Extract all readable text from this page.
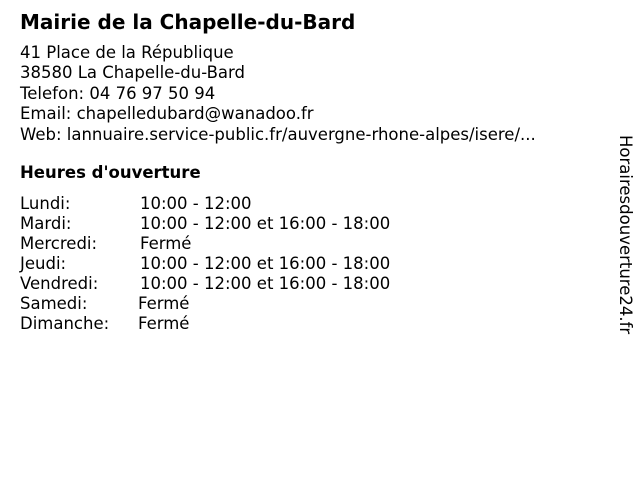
Mairie de la Chapelle-du-Bard
41 Place de la République
38580 La Chapelle-du-Bard
Telefon: 04 76 97 50 94
Email: chapelledubard@wanadoo.fr
Web: lannuaire.service-public.fr/auvergne-rhone-alpes/isere/...
Heures d'ouverture
Lundi:	10:00 - 12:00
Mardi:	10:00 - 12:00 et 16:00 - 18:00
Mercredi:	Fermé
Jeudi:	10:00 - 12:00 et 16:00 - 18:00
Vendredi:	10:00 - 12:00 et 16:00 - 18:00
Samedi:	Fermé
Dimanche: Fermé	Horairesdouverture24.fr
